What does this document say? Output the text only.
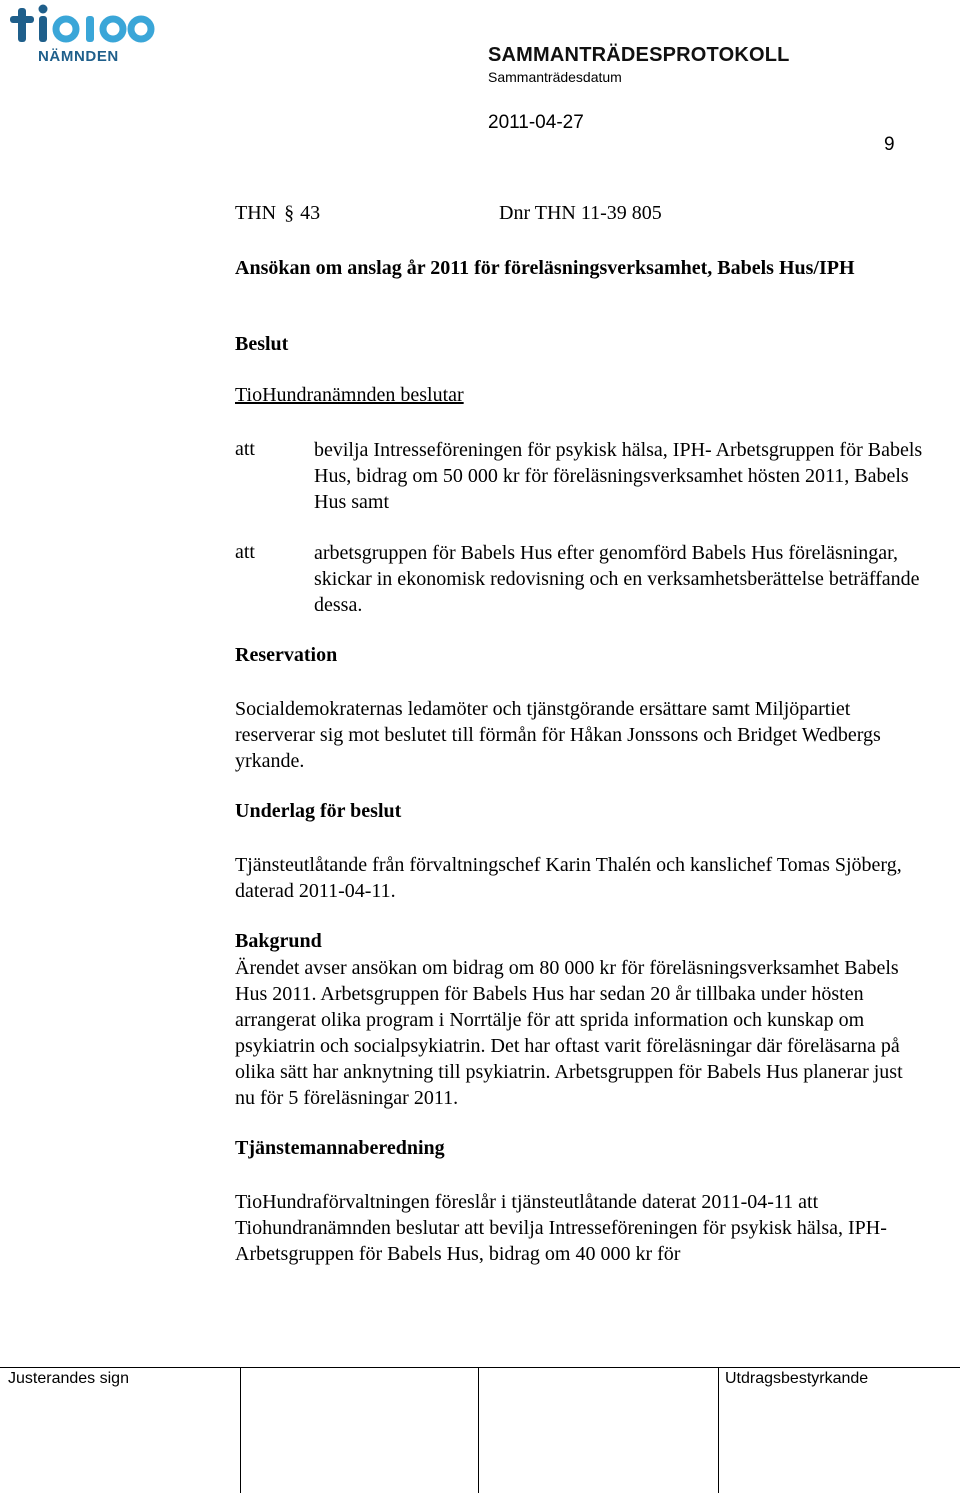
NÄMNDEN	SAMMANTRÄDESPROTOKOLL
Sammanträdesdatum
2011-04-27
9
THN § 43	Dnr THN 11-39 805
Ansökan om anslag år 2011 för föreläsningsverksamhet, Babels Hus/IPH
Beslut
TioHundranämnden beslutar
att	bevilja Intresseföreningen för psykisk hälsa, IPH- Arbetsgruppen för Babels Hus, bidrag om 50 000 kr för föreläsningsverksamhet hösten 2011, Babels Hus samt
att	arbetsgruppen för Babels Hus efter genomförd Babels Hus föreläsningar, skickar in ekonomisk redovisning och en verksamhetsberättelse beträffande dessa.
Reservation
Socialdemokraternas ledamöter och tjänstgörande ersättare samt Miljöpartiet reserverar sig mot beslutet till förmån för Håkan Jonssons och Bridget Wedbergs yrkande.
Underlag för beslut
Tjänsteutlåtande från förvaltningschef Karin Thalén och kanslichef Tomas Sjöberg, daterad 2011-04-11.
Bakgrund
Ärendet avser ansökan om bidrag om 80 000 kr för föreläsningsverksamhet Babels Hus 2011. Arbetsgruppen för Babels Hus har sedan 20 år tillbaka under hösten arrangerat olika program i Norrtälje för att sprida information och kunskap om psykiatrin och socialpsykiatrin. Det har oftast varit föreläsningar där föreläsarna på olika sätt har anknytning till psykiatrin. Arbetsgruppen för Babels Hus planerar just nu för 5 föreläsningar 2011.
Tjänstemannaberedning
TioHundraförvaltningen föreslår i tjänsteutlåtande daterat 2011-04-11 att Tiohundranämnden beslutar att bevilja Intresseföreningen för psykisk hälsa, IPH- Arbetsgruppen för Babels Hus, bidrag om 40 000 kr för
Justerandes sign	Utdragsbestyrkande
